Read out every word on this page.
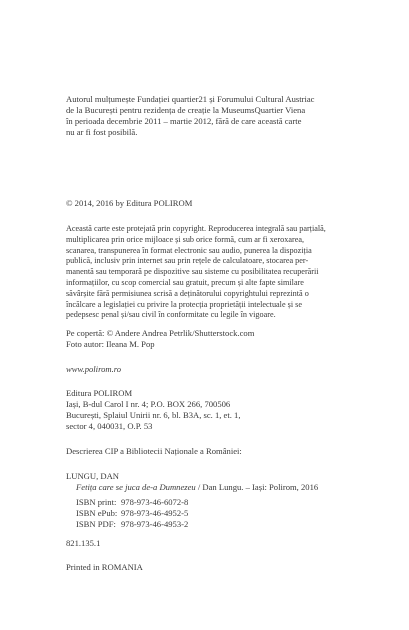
Autorul mulțumește Fundației quartier21 și Forumului Cultural Austriac
de la București pentru rezidența de creație la MuseumsQuartier Viena
în perioada decembrie 2011 – martie 2012, fără de care această carte
nu ar fi fost posibilă.
© 2014, 2016 by Editura POLIROM
Această carte este protejată prin copyright. Reproducerea integrală sau parțială,
multiplicarea prin orice mijloace și sub orice formă, cum ar fi xeroxarea,
scanarea, transpunerea în format electronic sau audio, punerea la dispoziția
publică, inclusiv prin internet sau prin rețele de calculatoare, stocarea per-
manentă sau temporară pe dispozitive sau sisteme cu posibilitatea recuperării
informațiilor, cu scop comercial sau gratuit, precum și alte fapte similare
săvârșite fără permisiunea scrisă a deținătorului copyrightului reprezintă o
încălcare a legislației cu privire la protecția proprietății intelectuale și se
pedepsesc penal și/sau civil în conformitate cu legile în vigoare.
Pe copertă: © Andere Andrea Petrlik/Shutterstock.com
Foto autor: Ileana M. Pop
www.polirom.ro
Editura POLIROM
Iași, B-dul Carol I nr. 4; P.O. BOX 266, 700506
București, Splaiul Unirii nr. 6, bl. B3A, sc. 1, et. 1,
sector 4, 040031, O.P. 53
Descrierea CIP a Bibliotecii Naționale a României:
LUNGU, DAN
Fetița care se juca de-a Dumnezeu / Dan Lungu. – Iași: Polirom, 2016
ISBN print: 978-973-46-6072-8
ISBN ePub: 978-973-46-4952-5
ISBN PDF: 978-973-46-4953-2
821.135.1
Printed in ROMANIA
